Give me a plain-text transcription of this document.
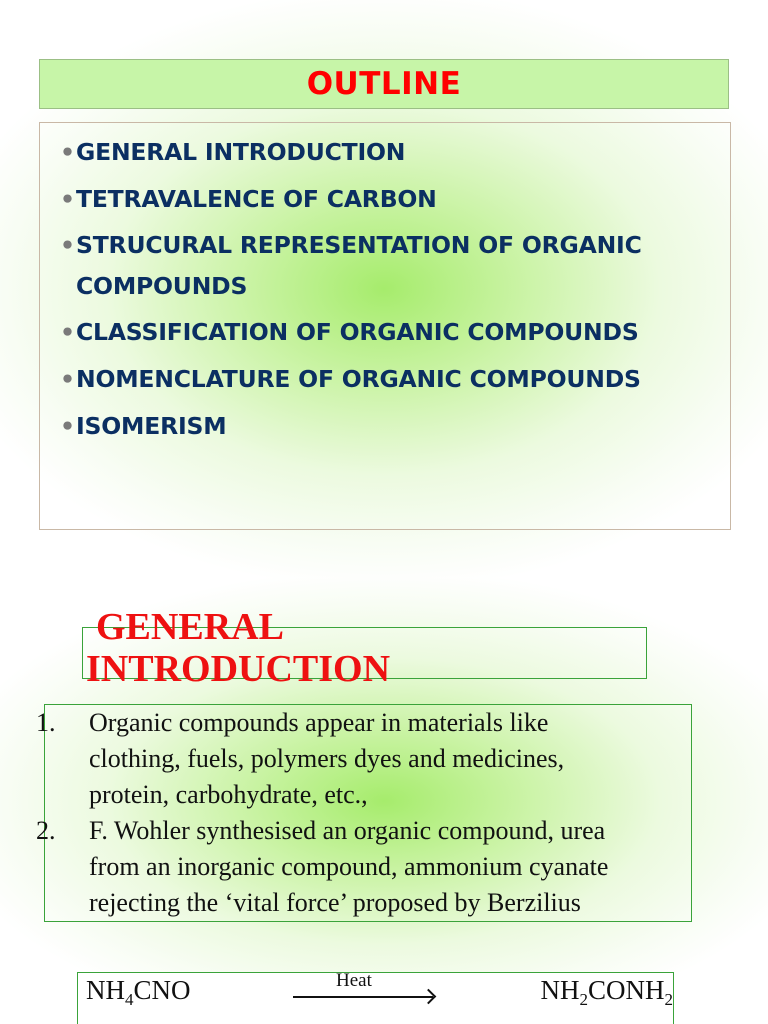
OUTLINE
• GENERAL INTRODUCTION
• TETRAVALENCE OF CARBON
• STRUCURAL REPRESENTATION OF ORGANIC
COMPOUNDS
• CLASSIFICATION OF ORGANIC COMPOUNDS
• NOMENCLATURE OF ORGANIC COMPOUNDS
• ISOMERISM
GENERAL
INTRODUCTION
1. Organic compounds appear in materials like
clothing, fuels, polymers dyes and medicines,
protein, carbohydrate, etc.,
2. F. Wohler synthesised an organic compound, urea
from an inorganic compound, ammonium cyanate
rejecting the ‘vital force’ proposed by Berzilius
$NH_4CNO$	Heat	$NH_2CONH_2$
